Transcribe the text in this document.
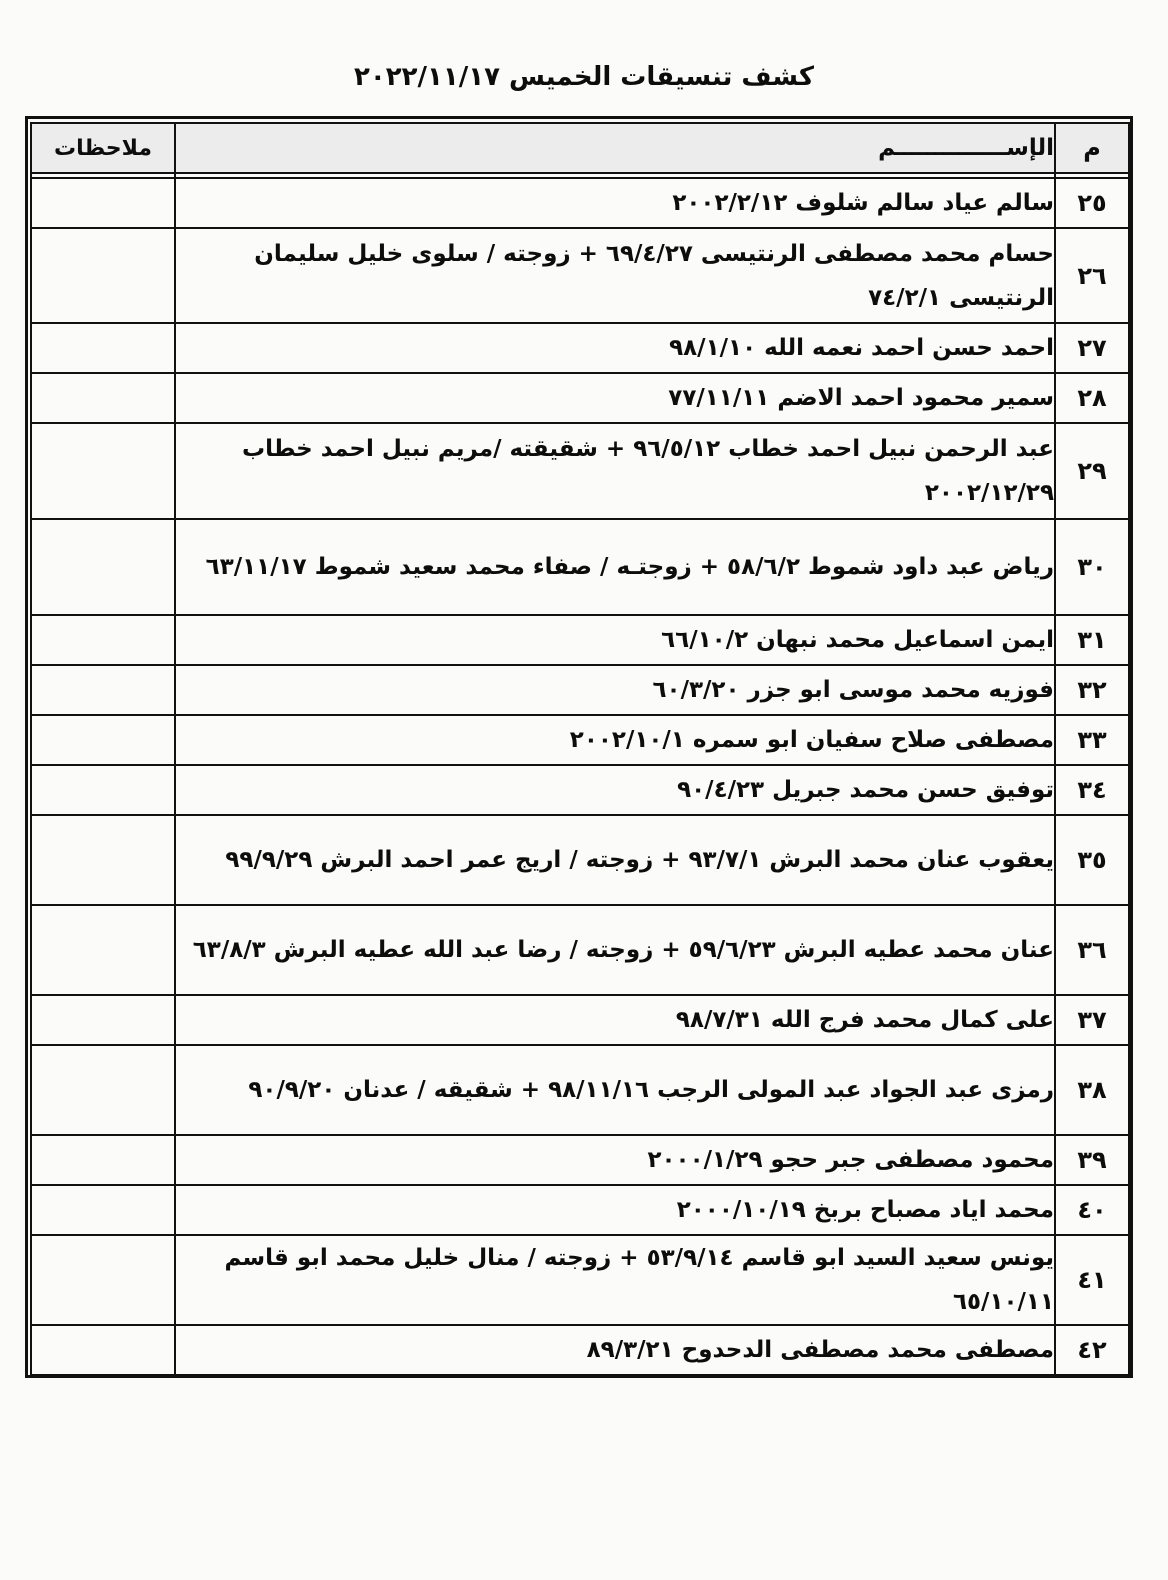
كشف تنسيقات الخميس ٢٠٢٢/١١/١٧
م	الإســــــــــــــم	ملاحظات

٢٥	سالم عياد سالم شلوف ٢٠٠٢/٢/١٢	
٢٦	حسام محمد مصطفى الرنتيسى ٦٩/٤/٢٧ + زوجته / سلوى خليل سليمان الرنتيسى ٧٤/٢/١	
٢٧	احمد حسن احمد نعمه الله ٩٨/١/١٠	
٢٨	سمير محمود احمد الاضم ٧٧/١١/١١	
٢٩	عبد الرحمن نبيل احمد خطاب ٩٦/٥/١٢ + شقيقته /مريم نبيل احمد خطاب ٢٠٠٢/١٢/٢٩	
٣٠	رياض عبد داود شموط ٥٨/٦/٢ + زوجتـه / صفاء محمد سعيد شموط ٦٣/١١/١٧	
٣١	ايمن اسماعيل محمد نبهان ٦٦/١٠/٢	
٣٢	فوزيه محمد موسى ابو جزر ٦٠/٣/٢٠	
٣٣	مصطفى صلاح سفيان ابو سمره ٢٠٠٢/١٠/١	
٣٤	توفيق حسن محمد جبريل ٩٠/٤/٢٣	
٣٥	يعقوب عنان محمد البرش ٩٣/٧/١ + زوجته / اريج عمر احمد البرش ٩٩/٩/٢٩	
٣٦	عنان محمد عطيه البرش ٥٩/٦/٢٣ + زوجته / رضا عبد الله عطيه البرش ٦٣/٨/٣	
٣٧	على كمال محمد فرج الله ٩٨/٧/٣١	
٣٨	رمزى عبد الجواد عبد المولى الرجب ٩٨/١١/١٦ + شقيقه / عدنان ٩٠/٩/٢٠	
٣٩	محمود مصطفى جبر حجو ٢٠٠٠/١/٢٩	
٤٠	محمد اياد مصباح بربخ ٢٠٠٠/١٠/١٩	
٤١	يونس سعيد السيد ابو قاسم ٥٣/٩/١٤ + زوجته / منال خليل محمد ابو قاسم ٦٥/١٠/١١	
٤٢	مصطفى محمد مصطفى الدحدوح ٨٩/٣/٢١	
